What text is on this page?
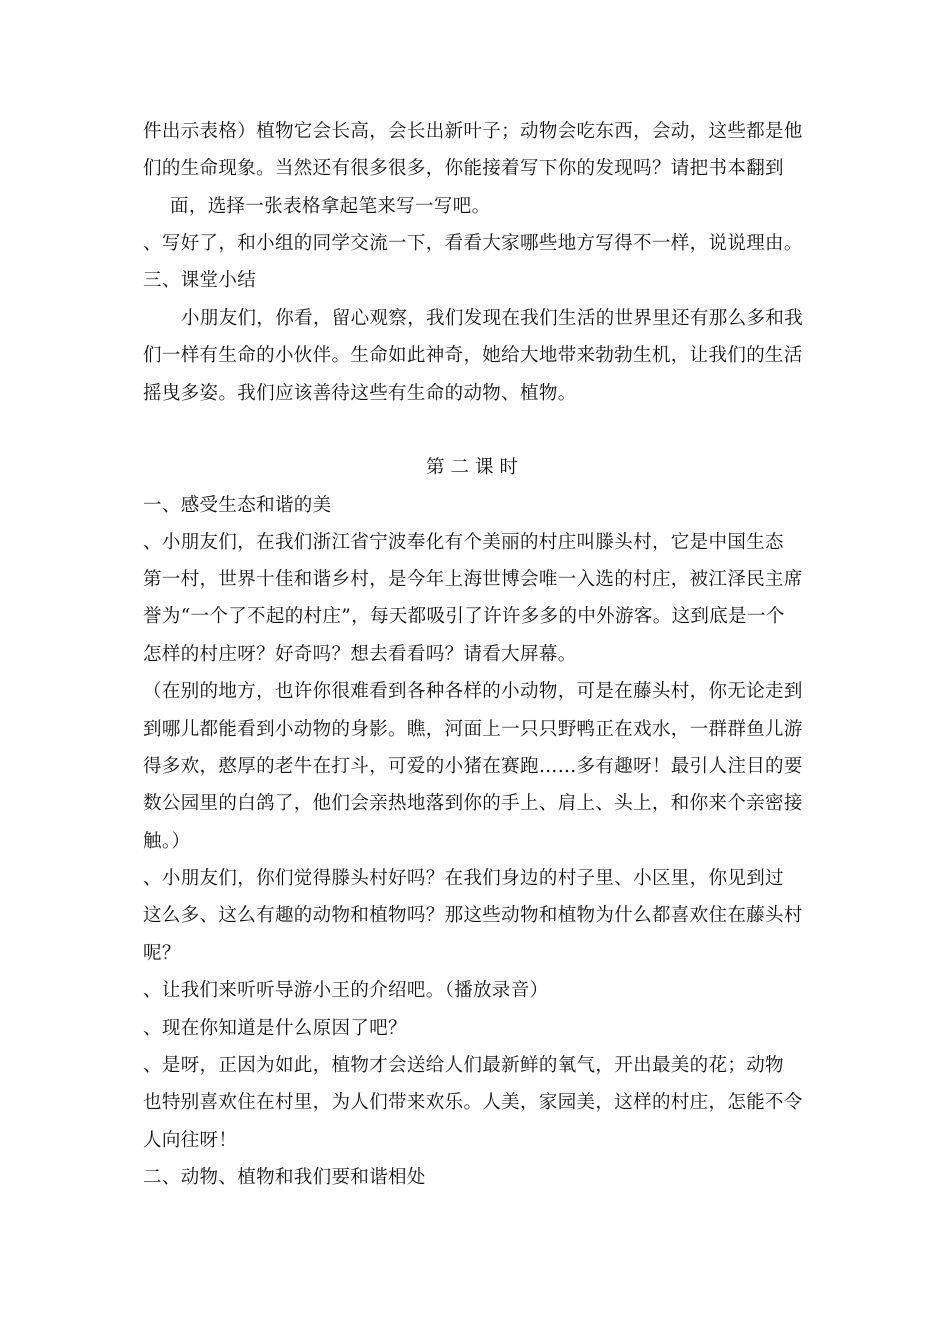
件出示表格）植物它会长高，会长出新叶子；动物会吃东西，会动，这些都是他
们的生命现象。当然还有很多很多，你能接着写下你的发现吗？请把书本翻到
面，选择一张表格拿起笔来写一写吧。
、写好了，和小组的同学交流一下，看看大家哪些地方写得不一样，说说理由。
三、课堂小结
小朋友们，你看，留心观察，我们发现在我们生活的世界里还有那么多和我
们一样有生命的小伙伴。生命如此神奇，她给大地带来勃勃生机，让我们的生活
摇曳多姿。我们应该善待这些有生命的动物、植物。
第二课时
一、感受生态和谐的美
、小朋友们，在我们浙江省宁波奉化有个美丽的村庄叫滕头村，它是中国生态
第一村，世界十佳和谐乡村，是今年上海世博会唯一入选的村庄，被江泽民主席
誉为“一个了不起的村庄”，每天都吸引了许许多多的中外游客。这到底是一个
怎样的村庄呀？好奇吗？想去看看吗？请看大屏幕。
（在别的地方，也许你很难看到各种各样的小动物，可是在藤头村，你无论走到
到哪儿都能看到小动物的身影。瞧，河面上一只只野鸭正在戏水，一群群鱼儿游
得多欢，憨厚的老牛在打斗，可爱的小猪在赛跑……多有趣呀！最引人注目的要
数公园里的白鸽了，他们会亲热地落到你的手上、肩上、头上，和你来个亲密接
触。）
、小朋友们，你们觉得滕头村好吗？在我们身边的村子里、小区里，你见到过
这么多、这么有趣的动物和植物吗？那这些动物和植物为什么都喜欢住在藤头村
呢？
、让我们来听听导游小王的介绍吧。（播放录音）
、现在你知道是什么原因了吧？
、是呀，正因为如此，植物才会送给人们最新鲜的氧气，开出最美的花；动物
也特别喜欢住在村里，为人们带来欢乐。人美，家园美，这样的村庄，怎能不令
人向往呀！
二、动物、植物和我们要和谐相处
